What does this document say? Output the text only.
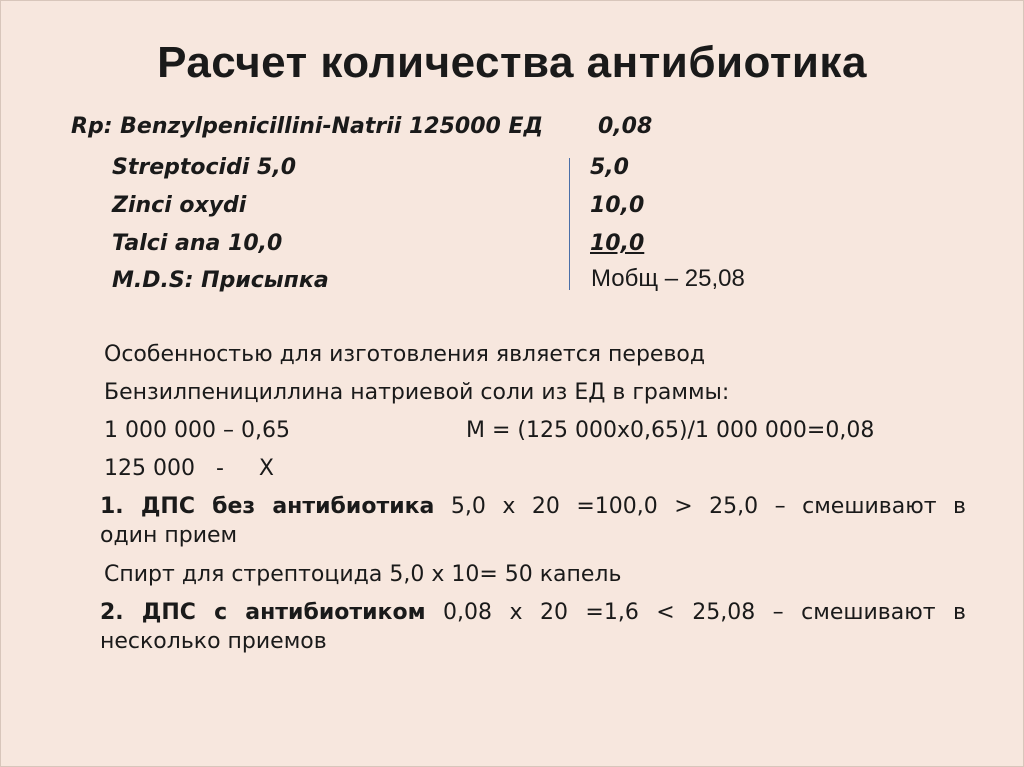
Расчет количества антибиотика
Rp: Benzylpenicillini-Natrii 125000 ЕД 0,08
Streptocidi 5,0	5,0
Zinci oxydi	10,0
Talci ana 10,0	10,0
M.D.S: Присыпка	Мобщ – 25,08
Особенностью для изготовления является перевод
Бензилпенициллина натриевой соли из ЕД в граммы:
1 000 000 – 0,65	М = (125 000х0,65)/1 000 000=0,08
125 000   -     Х
1. ДПС без антибиотика 5,0 х 20 =100,0 > 25,0 – смешивают в
один прием
Спирт для стрептоцида 5,0 х 10= 50 капель
2. ДПС с антибиотиком 0,08 х 20 =1,6 < 25,08 – смешивают в
несколько приемов
